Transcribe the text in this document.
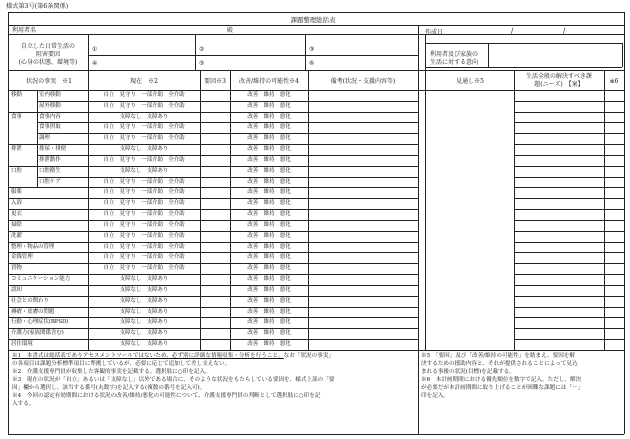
様式第3号(第6条関係)
課題整理総括表
利用者名	殿	作成日	/	/
自立した日常生活の
阻害要因
(心身の状態、環境等)
①	②	③
④	⑤	⑥
利用者及び家族の
生活に対する意向
状況の事実　※1	現在　※2	要因※3	改善/維持の可能性※4	備考(状況・支援内容等)	見通し※5
生活全般の解決すべき課
題(ニーズ)　【案】	※6
移動	室内移動	自立　見守り　一部介助　全介助	改善　維持　悪化
屋外移動	自立　見守り　一部介助　全介助	改善　維持　悪化
食事	食事内容	支障なし　支障あり	改善　維持　悪化
食事摂取	自立　見守り　一部介助　全介助	改善　維持　悪化
調理	自立　見守り　一部介助　全介助	改善　維持　悪化
排泄	排尿・排便	支障なし　支障あり	改善　維持　悪化
排泄動作	自立　見守り　一部介助　全介助	改善　維持　悪化
口腔	口腔衛生	支障なし　支障あり	改善　維持　悪化
口腔ケア	自立　見守り　一部介助　全介助	改善　維持　悪化
服薬	自立　見守り　一部介助　全介助	改善　維持　悪化
入浴	自立　見守り　一部介助　全介助	改善　維持　悪化
更衣	自立　見守り　一部介助　全介助	改善　維持　悪化
掃除	自立　見守り　一部介助　全介助	改善　維持　悪化
洗濯	自立　見守り　一部介助　全介助	改善　維持　悪化
整理・物品の管理	自立　見守り　一部介助　全介助	改善　維持　悪化
金銭管理	自立　見守り　一部介助　全介助	改善　維持　悪化
買物	自立　見守り　一部介助　全介助	改善　維持　悪化
コミュニケーション能力	支障なし　支障あり	改善　維持　悪化
認知	支障なし　支障あり	改善　維持　悪化
社会との関わり	支障なし　支障あり	改善　維持　悪化
褥瘡・皮膚の問題	支障なし　支障あり	改善　維持　悪化
行動・心理症状(BPSD)	支障なし　支障あり	改善　維持　悪化
介護力(家族関係含む)	支障なし　支障あり	改善　維持　悪化
居住環境	支障なし　支障あり	改善　維持　悪化
※1　本書式は総括表でありアセスメントツールではないため、必ず別に詳細な情報収集・分析を行うこと。なお「状況の事実」
の各項目は課題分析標準項目に準拠しているが、必要に応じて追加して差し支えない。
※2　介護支援専門員が収集した客観的事実を記載する。選択肢に○印を記入。
※3　現在の状況が「自立」あるいは「支障なし」以外である場合に、そのような状況をもたらしている要因を、様式上部の「要
因」欄から選択し、該当する番号(丸数字)を記入する(複数の番号を記入可)。
※4　今回の認定有効期間における状況の改善/維持/悪化の可能性について、介護支援専門員の判断として選択肢に○印を記
入する。
※5　「要因」及び「改善/維持の可能性」を踏まえ、要因を解
決するための援助内容と、それが提供されることによって見込
まれる事後の状況(目標)を記載する。
※6　本計画期間における優先順位を数字で記入。ただし、解決
が必要だが本計画期間に取り上げることが困難な課題には「－」
印を記入。
